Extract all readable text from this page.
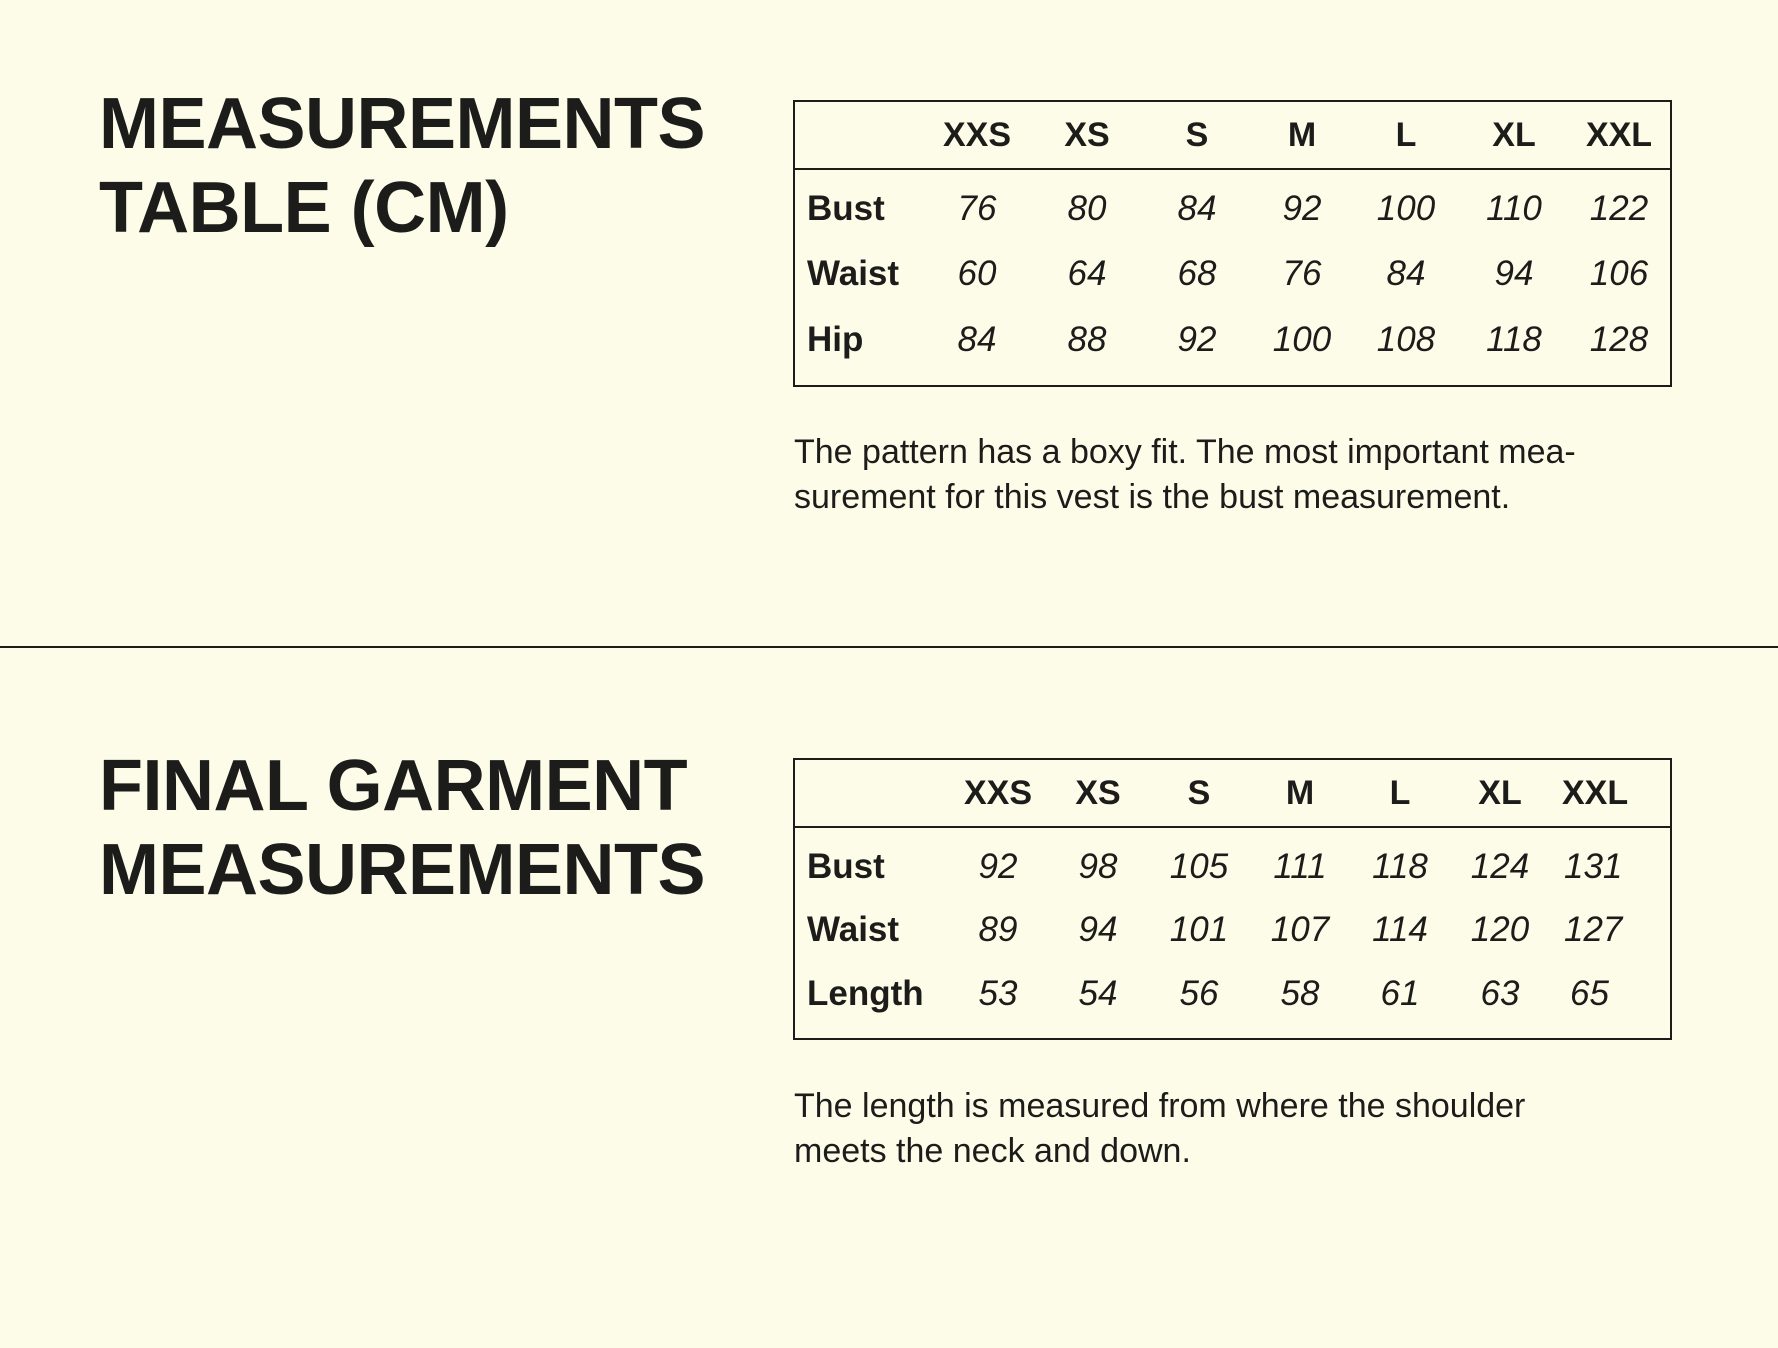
MEASUREMENTS
TABLE (CM)
	XXS	XS	S	M	L	XL	XXL
Bust	76	80	84	92	100	110	122
Waist	60	64	68	76	84	94	106
Hip	84	88	92	100	108	118	128

The pattern has a boxy fit. The most important mea-
surement for this vest is the bust measurement.

FINAL GARMENT
MEASUREMENTS
	XXS	XS	S	M	L	XL	XXL
Bust	92	98	105	111	118	124	131
Waist	89	94	101	107	114	120	127
Length	53	54	56	58	61	63	65

The length is measured from where the shoulder
meets the neck and down.
